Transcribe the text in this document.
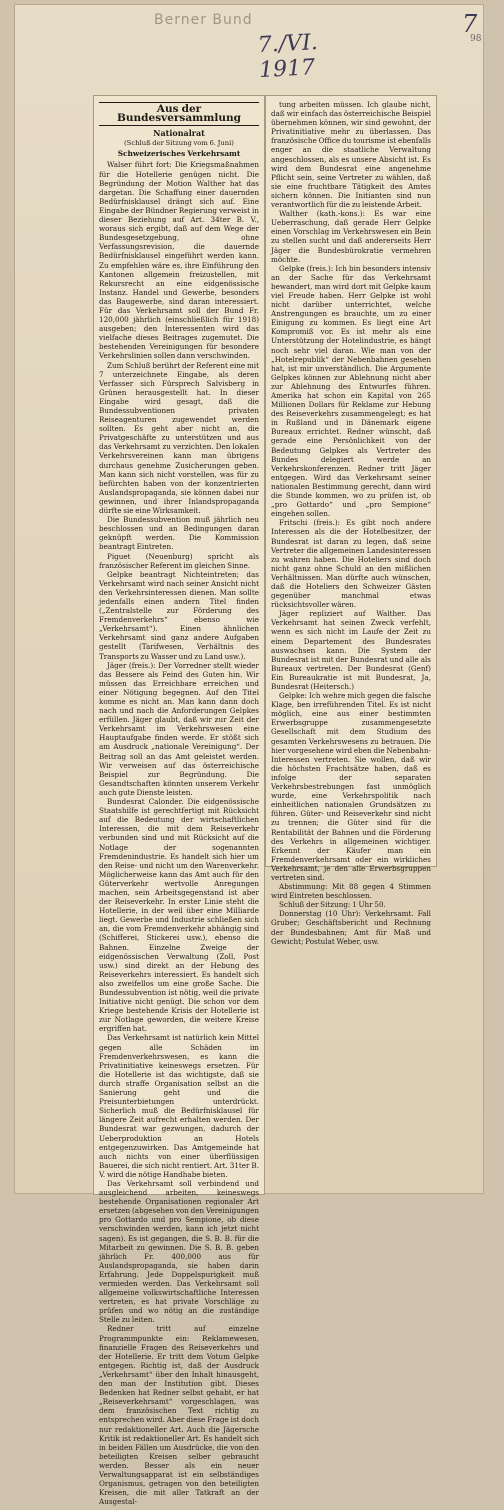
Berner Bund
7./VI. 1917
7
98
Aus der Bundesversammlung
Nationalrat
(Schluß der Sitzung vom 6. Juni)
Schweizerisches Verkehrsamt

Walser führt fort: Die Kriegsmaßnahmen für die Hotellerie genügen nicht. Die Begründung der Motion Walther hat das dargetan. Die Schaffung einer dauernden Bedürfnisklausel drängt sich auf. Eine Eingabe der Bündner Regierung verweist in dieser Beziehung auf Art. 34ter B. V., woraus sich ergibt, daß auf dem Wege der Bundesgesetzgebung, ohne Verfassungsrevision, die dauernde Bedürfnisklausel eingeführt werden kann. Zu empfehlen wäre es, ihre Einführung den Kantonen allgemein freizustellen, mit Rekursrecht an eine eidgenössische Instanz. Handel und Gewerbe, besonders das Baugewerbe, sind daran interessiert. Für das Verkehrsamt soll der Bund Fr. 120,000 jährlich (einschließlich für 1918) ausgeben; den Interessenten wird das vielfache dieses Beitrages zugemutet. Die bestehenden Vereinigungen für besondere Verkehrslinien sollen dann verschwinden.

Zum Schluß berührt der Referent eine mit 7 unterzeichnete Eingabe, als deren Verfasser sich Fürsprech Salvisberg in Grünen herausgestellt hat. In dieser Eingabe wird gesagt, daß die Bundessubventionen privaten Reiseagenturen zugewendet werden sollten. Es geht aber nicht an, die Privatgeschäfte zu unterstützen und aus das Verkehrsamt zu verzichten. Den lokalen Verkehrsvereinen kann man übrigens durchaus genehme Zusicherungen geben. Man kann sich nicht vorstellen, was für zu befürchten haben von der konzentrierten Auslandspropaganda, sie können dabei nur gewinnen, und ihrer Inlandspropaganda dürfte sie eine Wirksamkeit.

Die Bundessubvention muß jährlich neu beschlossen und an Bedingungen daran geknüpft werden. Die Kommission beantragt Eintreten.

Piguet (Neuenburg) spricht als französischer Referent im gleichen Sinne.

Gelpke beantragt Nichteintreten; das Verkehrsamt wird nach seiner Ansicht nicht den Verkehrsinteressen dienen. Man sollte jedenfalls einen andern Titel finden („Zentralstelle zur Förderung des Fremdenverkehrs“ ebenso wie „Verkehrsamt“). Einen ähnlichen Verkehrsamt sind ganz andere Aufgaben gestellt (Tarifwesen, Verhältnis des Transports zu Wasser und zu Land usw.).

Jäger (freis.): Der Vorredner stellt wieder das Bessere als Feind des Guten hin. Wir müssen das Erreichbare erreichen und einer Nötigung begegnen. Auf den Titel komme es nicht an. Man kann dann doch nach und nach die Anforderungen Gelpkes erfüllen. Jäger glaubt, daß wir zur Zeit der Verkehrsamt im Verkehrswesen eine Hauptaufgabe finden werde. Er stößt sich am Ausdruck „nationale Vereinigung“. Der Beitrag soll an das Amt geleistet werden. Wir verweisen auf das österreichische Beispiel zur Begründung. Die Gesandtschaften könnten unserem Verkehr auch gute Dienste leisten.

Bundesrat Calonder. Die eidgenössische Staatshilfe ist gerechtfertigt mit Rücksicht auf die Bedeutung der wirtschaftlichen Interessen, die mit dem Reiseverkehr verbunden sind und mit Rücksicht auf die Notlage der sogenannten Fremdenindustrie. Es handelt sich hier um den Reise- und nicht um den Warenverkehr. Möglicherweise kann das Amt auch für den Güterverkehr wertvolle Anregungen machen, sein Arbeitsgegenstand ist aber der Reiseverkehr. In erster Linie steht die Hotellerie, in der weil über eine Milliarde liegt. Gewerbe und Industrie schließen sich an, die vom Fremdenverkehr abhängig sind (Schifferei, Stickerei usw.), ebenso die Bahnen. Einzelne Zweige der eidgenössischen Verwaltung (Zoll, Post usw.) sind direkt an der Hebung des Reiseverkehrs interessiert. Es handelt sich also zweifellos um eine große Sache. Die Bundessubvention ist nötig, weil die private Initiative nicht genügt. Die schon vor dem Kriege bestehende Krisis der Hotellerie ist zur Notlage geworden, die weitere Kreise ergriffen hat.

Das Verkehrsamt ist natürlich kein Mittel gegen alle Schäden im Fremdenverkehrswesen, es kann die Privatinitiative keineswegs ersetzen. Für die Hotellerie ist das wichtigste, daß sie durch straffe Organisation selbst an die Sanierung geht und die Preisunterbietungen unterdrückt. Sicherlich muß die Bedürfnisklausel für längere Zeit aufrecht erhalten werden. Der Bundesrat war gezwungen, dadurch der Ueberproduktion an Hotels entgegenzuwirken. Das Amtgemeinde hat auch nichts von einer überflüssigen Bauerei, die sich nicht rentiert. Art. 31ter B. V. wird die nötige Handhabe bieten.

Das Verkehrsamt soll verbindend und ausgleichend arbeiten, keineswegs bestehende Organisationen regionaler Art ersetzen (abgesehen von den Vereinigungen pro Gottardo und pro Sempione, ob diese verschwinden werden, kann ich jetzt nicht sagen). Es ist gegangen, die S. B. B. für die Mitarbeit zu gewinnen. Die S. B. B. geben jährlich Fr. 400,000 aus für Auslandspropaganda, sie haben darin Erfahrung. Jede Doppelspurigkeit muß vermieden werden. Das Verkehrsamt soll allgemeine volkswirtschaftliche Interessen vertreten, es hat private Vorschläge zu prüfen und wo nötig an die zuständige Stelle zu leiten.

Redner tritt auf einzelne Programmpunkte ein: Reklamewesen, finanzielle Fragen des Reiseverkehrs und der Hotellerie. Er tritt dem Votum Gelpke entgegen. Richtig ist, daß der Ausdruck „Verkehrsamt“ über den Inhalt hinausgeht, den man der Institution gibt. Dieses Bedenken hat Redner selbst gehabt, er hat „Reiseverkehrsamt“ vorgeschlagen, was dem französischen Text richtig zu entsprechen wird. Aber diese Frage ist doch nur redaktioneller Art. Auch die Jägersche Kritik ist redaktioneller Art. Es handelt sich in beiden Fällen um Ausdrücke, die von den beteiligten Kreisen selber gebraucht werden. Besser als ein neuer Verwaltungsapparat ist ein selbständiges Organismus, getragen von den beteiligten Kreisen, die mit aller Tatkraft an der Ausgestal-

tung arbeiten müssen. Ich glaube nicht, daß wir einfach das österreichische Beispiel übernehmen können, wir sind gewohnt, der Privatinitiative mehr zu überlassen. Das französische Office du tourisme ist ebenfalls enger an die staatliche Verwaltung angeschlossen, als es unsere Absicht ist. Es wird dem Bundesrat eine angenehme Pflicht sein, seine Vertreter zu wählen, daß sie eine fruchtbare Tätigkeit des Amtes sichern können. Die Initianten sind nun verantwortlich für die zu leistende Arbeit.

Walther (kath.-kons.): Es war eine Ueberraschung, daß gerade Herr Gelpke einen Vorschlag im Verkehrswesen ein Bein zu stellen sucht und daß andererseits Herr Jäger die Bundesbürokratie vermehren möchte.

Gelpke (freis.): Ich bin besonders intensiv an der Sache für das Verkehrsamt bewandert, man wird dort mit Gelpke kaum viel Freude haben. Herr Gelpke ist wohl nicht darüber unterrichtet, welche Anstrengungen es brauchte, um zu einer Einigung zu kommen. Es liegt eine Art Kompromiß vor. Es ist mehr als eine Unterstützung der Hotelindustrie, es hängt noch sehr viel daran. Wie man von der „Hotelrepublik“ der Nebenbahnen gesehen hat, ist mir unverständlich. Die Argumente Gelpkes können zur Ablehnung nicht aber zur Ablehnung des Entwurfes führen. Amerika hat schon ein Kapital von 265 Millionen Dollars für Reklame zur Hebung des Reiseverkehrs zusammengelegt; es hat in Rußland und in Dänemark eigene Bureaux errichtet. Redner wünscht, daß gerade eine Persönlichkeit von der Bedeutung Gelpkes als Vertreter des Bundes delegiert werde an Verkehrskonferenzen. Redner tritt Jäger entgegen. Wird das Verkehrsamt seiner nationalen Bestimmung gerecht, dann wird die Stunde kommen, wo zu prüfen ist, ob „pro Gottardo“ und „pro Sempione“ eingehen sollen.

Fritschi (freis.): Es gibt noch andere Interessen als die der Hotelbesitzer, der Bundesrat ist daran zu legen, daß seine Vertreter die allgemeinen Landesinteressen zu wahren haben. Die Hoteliers sind doch nicht ganz ohne Schuld an den mißlichen Verhältnissen. Man dürfte auch wünschen, daß die Hoteliers den Schweizer Gästen gegenüber manchmal etwas rücksichtsvoller wären.

Jäger repliziert auf Walther. Das Verkehrsamt hat seinen Zweck verfehlt, wenn es sich nicht im Laufe der Zeit zu einem Departement des Bundesrates auswachsen kann. Die System der Bundesrat ist mit der Bundesrat und alle als Bureaux vertreten. Der Bundesrat (Genf) Ein Bureaukratie ist mit Bundesrat, Ja, Bundesrat (Heitersch.)

Gelpke: Ich wehre mich gegen die falsche Klage, ben irreführenden Titel. Es ist nicht möglich, eine aus einer bestimmten Erwerbsgruppe zusammengesetzte Gesellschaft mit dem Studium des gesamten Verkehrswesens zu betrauen. Die hier vorgesehene wird eben die Nebenbahn-Interessen vertreten. Sie wollen, daß wir die höchsten Frachtsätze haben, daß es infolge der separaten Verkehrsbestrebungen fast unmöglich wurde, eine Verkehrspolitik nach einheitlichen nationalen Grundsätzen zu führen. Güter- und Reiseverkehr sind nicht zu trennen; die Güter sind für die Rentabilität der Bahnen und die Förderung des Verkehrs in allgemeinen wichtiger. Erkennt der Käufer man ein Fremdenverkehrsamt oder ein wirkliches Verkehrsamt, je den alle Erwerbsgruppen vertreten sind.

Abstimmung: Mit 88 gegen 4 Stimmen wird Eintreten beschlossen.

Schluß der Sitzung: 1 Uhr 50.

Donnerstag (10 Uhr): Verkehrsamt. Fall Gruber; Geschäftsbericht und Rechnung der Bundesbahnen; Amt für Maß und Gewicht; Postulat Weber, usw.
